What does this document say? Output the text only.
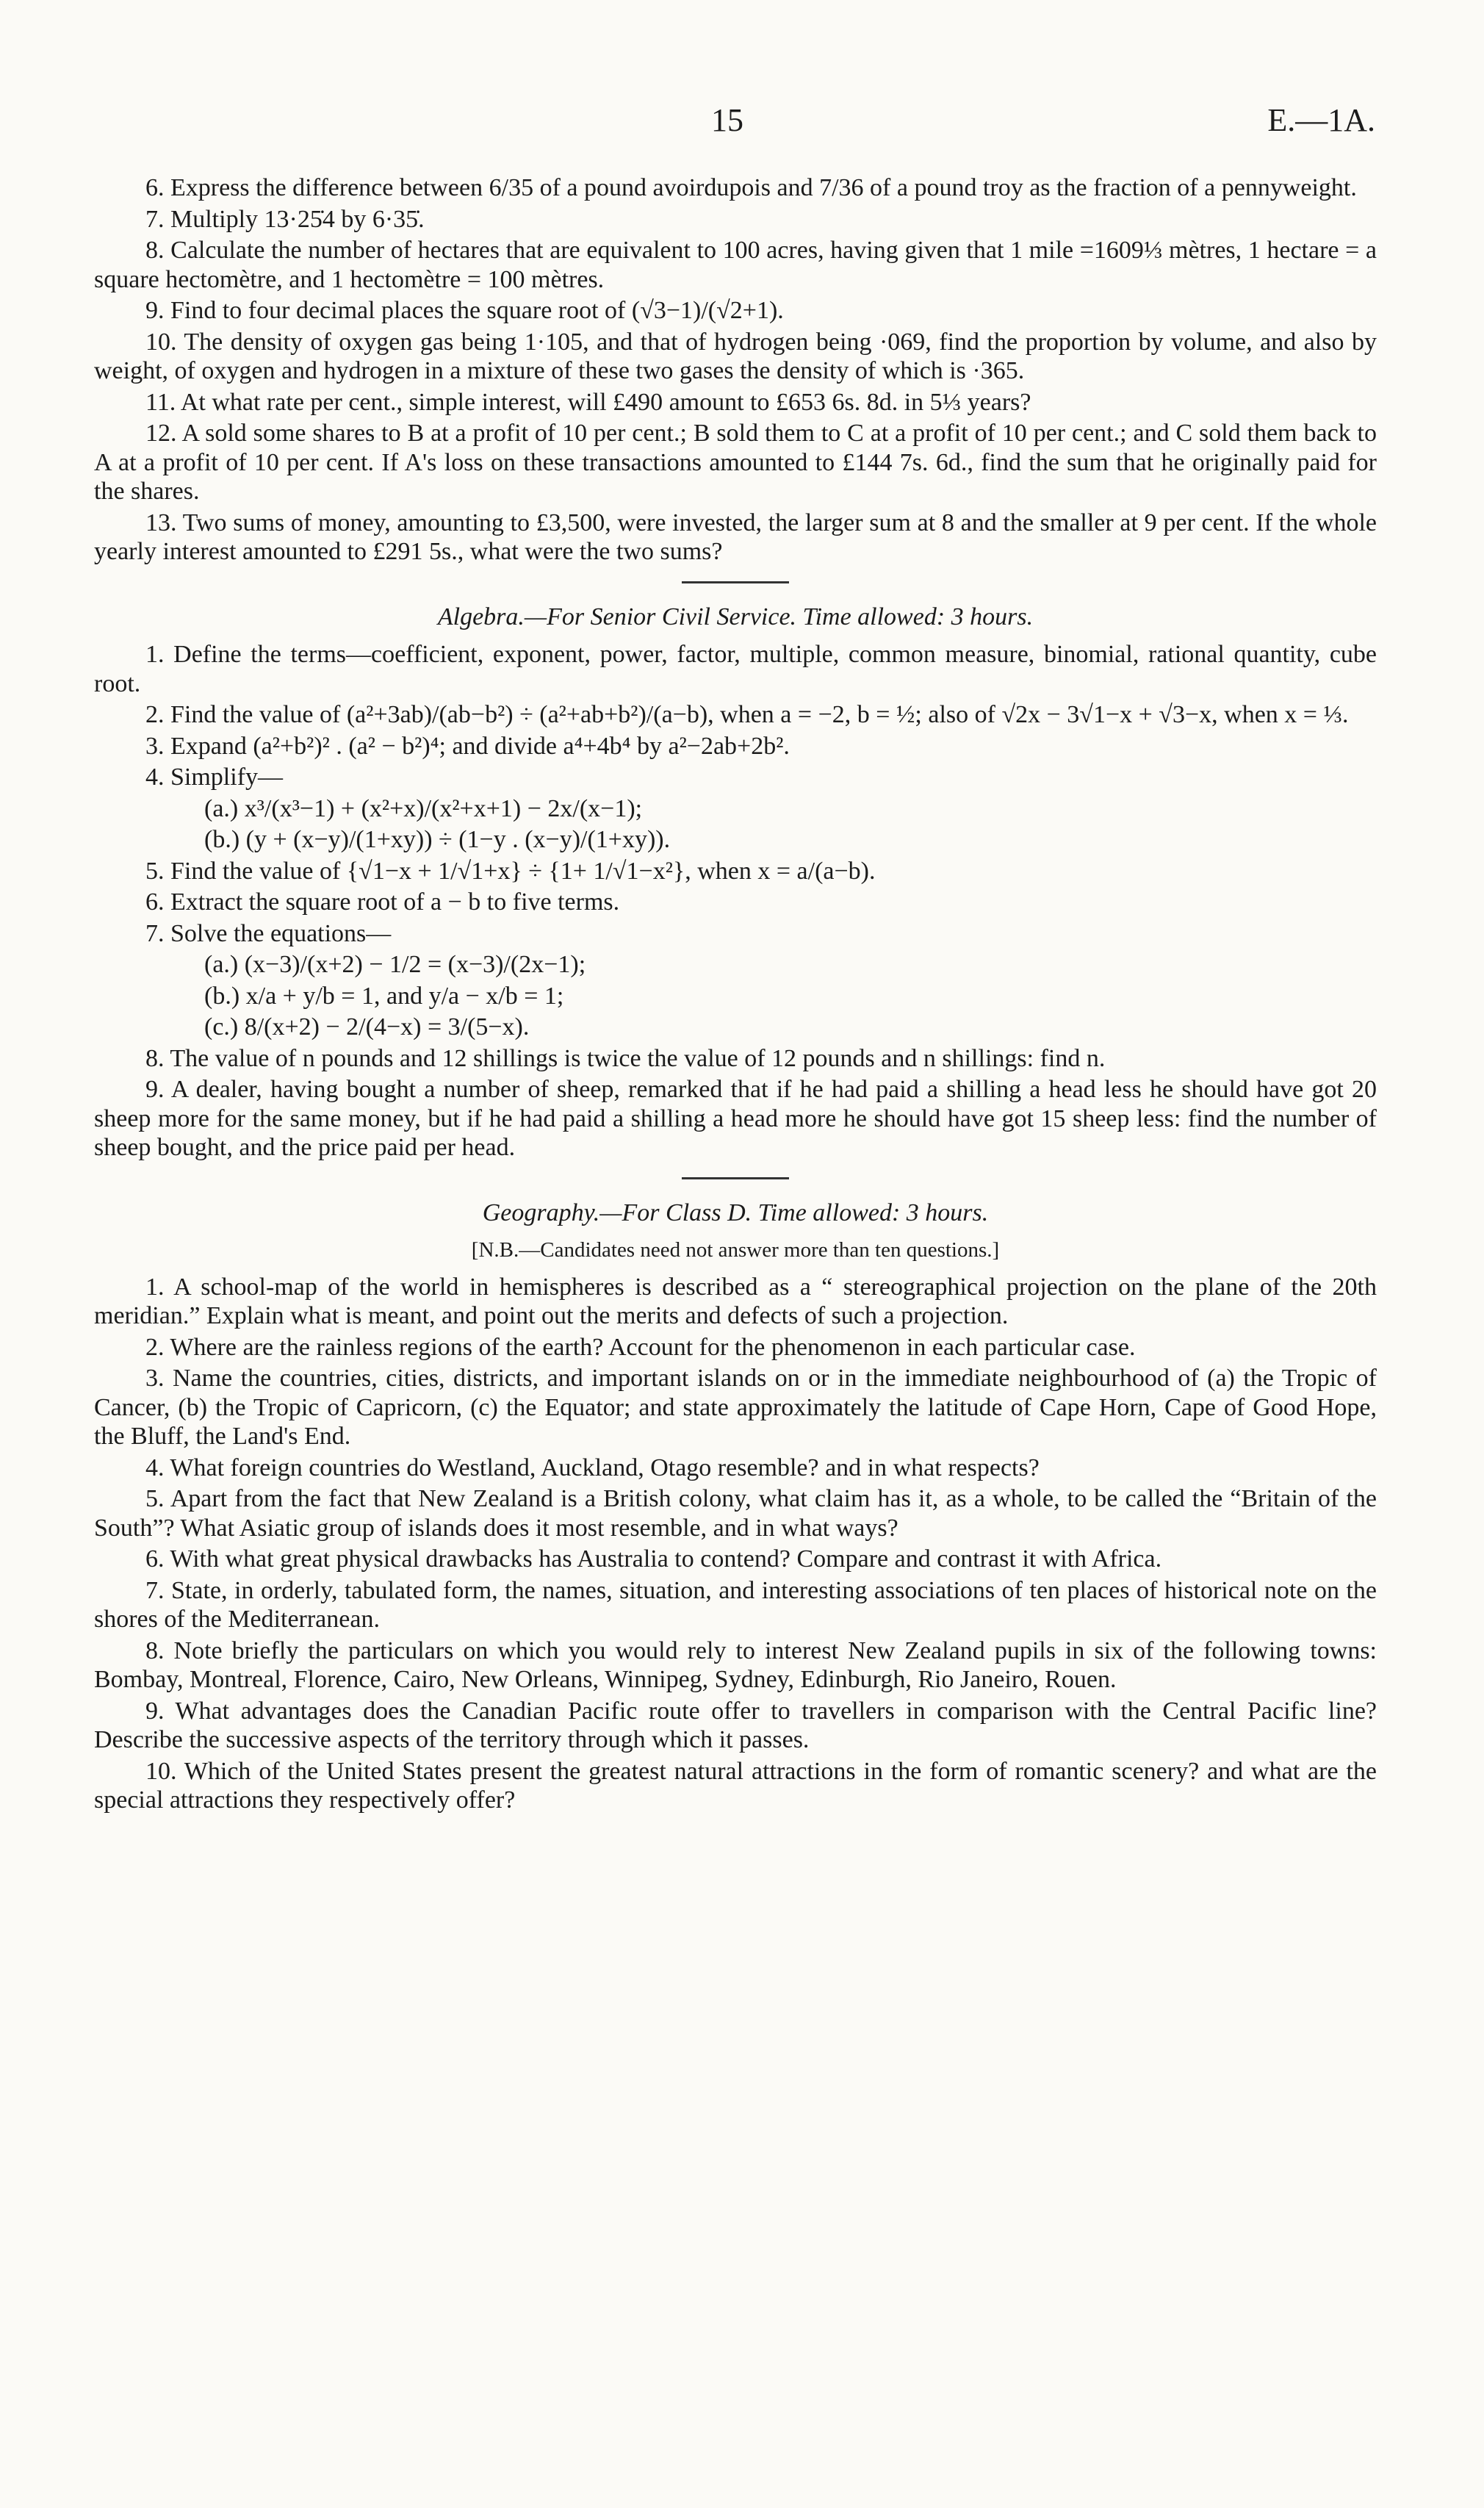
15	E.—1A.

6. Express the difference between 6/35 of a pound avoirdupois and 7/36 of a pound troy as the fraction of a pennyweight.

7. Multiply 13·25̇4 by 6·35̇.

8. Calculate the number of hectares that are equivalent to 100 acres, having given that 1 mile =1609⅓ mètres, 1 hectare = a square hectomètre, and 1 hectomètre = 100 mètres.

9. Find to four decimal places the square root of (√3−1)/(√2+1).

10. The density of oxygen gas being 1·105, and that of hydrogen being ·069, find the proportion by volume, and also by weight, of oxygen and hydrogen in a mixture of these two gases the density of which is ·365.

11. At what rate per cent., simple interest, will £490 amount to £653 6s. 8d. in 5⅓ years?

12. A sold some shares to B at a profit of 10 per cent.; B sold them to C at a profit of 10 per cent.; and C sold them back to A at a profit of 10 per cent. If A's loss on these transactions amounted to £144 7s. 6d., find the sum that he originally paid for the shares.

13. Two sums of money, amounting to £3,500, were invested, the larger sum at 8 and the smaller at 9 per cent. If the whole yearly interest amounted to £291 5s., what were the two sums?

Algebra.—For Senior Civil Service. Time allowed: 3 hours.

1. Define the terms—coefficient, exponent, power, factor, multiple, common measure, binomial, rational quantity, cube root.

2. Find the value of (a²+3ab)/(ab−b²) ÷ (a²+ab+b²)/(a−b), when a = −2, b = ½; also of √2x − 3√1−x + √3−x, when x = ⅓.

3. Expand (a²+b²)² . (a² − b²)⁴; and divide a⁴+4b⁴ by a²−2ab+2b².

4. Simplify—

(a.) x³/(x³−1) + (x²+x)/(x²+x+1) − 2x/(x−1);
(b.) (y + (x−y)/(1+xy)) ÷ (1−y . (x−y)/(1+xy)).

5. Find the value of {√1−x + 1/√1+x} ÷ {1+ 1/√1−x²}, when x = a/(a−b).

6. Extract the square root of a − b to five terms.

7. Solve the equations—

(a.) (x−3)/(x+2) − 1/2 = (x−3)/(2x−1);
(b.) x/a + y/b = 1, and y/a − x/b = 1;
(c.) 8/(x+2) − 2/(4−x) = 3/(5−x).

8. The value of n pounds and 12 shillings is twice the value of 12 pounds and n shillings: find n.

9. A dealer, having bought a number of sheep, remarked that if he had paid a shilling a head less he should have got 20 sheep more for the same money, but if he had paid a shilling a head more he should have got 15 sheep less: find the number of sheep bought, and the price paid per head.

Geography.—For Class D. Time allowed: 3 hours.
[N.B.—Candidates need not answer more than ten questions.]

1. A school-map of the world in hemispheres is described as a “ stereographical projection on the plane of the 20th meridian.” Explain what is meant, and point out the merits and defects of such a projection.

2. Where are the rainless regions of the earth? Account for the phenomenon in each particular case.

3. Name the countries, cities, districts, and important islands on or in the immediate neighbourhood of (a) the Tropic of Cancer, (b) the Tropic of Capricorn, (c) the Equator; and state approximately the latitude of Cape Horn, Cape of Good Hope, the Bluff, the Land's End.

4. What foreign countries do Westland, Auckland, Otago resemble? and in what respects?

5. Apart from the fact that New Zealand is a British colony, what claim has it, as a whole, to be called the “Britain of the South”? What Asiatic group of islands does it most resemble, and in what ways?

6. With what great physical drawbacks has Australia to contend? Compare and contrast it with Africa.

7. State, in orderly, tabulated form, the names, situation, and interesting associations of ten places of historical note on the shores of the Mediterranean.

8. Note briefly the particulars on which you would rely to interest New Zealand pupils in six of the following towns: Bombay, Montreal, Florence, Cairo, New Orleans, Winnipeg, Sydney, Edinburgh, Rio Janeiro, Rouen.

9. What advantages does the Canadian Pacific route offer to travellers in comparison with the Central Pacific line? Describe the successive aspects of the territory through which it passes.

10. Which of the United States present the greatest natural attractions in the form of romantic scenery? and what are the special attractions they respectively offer?
